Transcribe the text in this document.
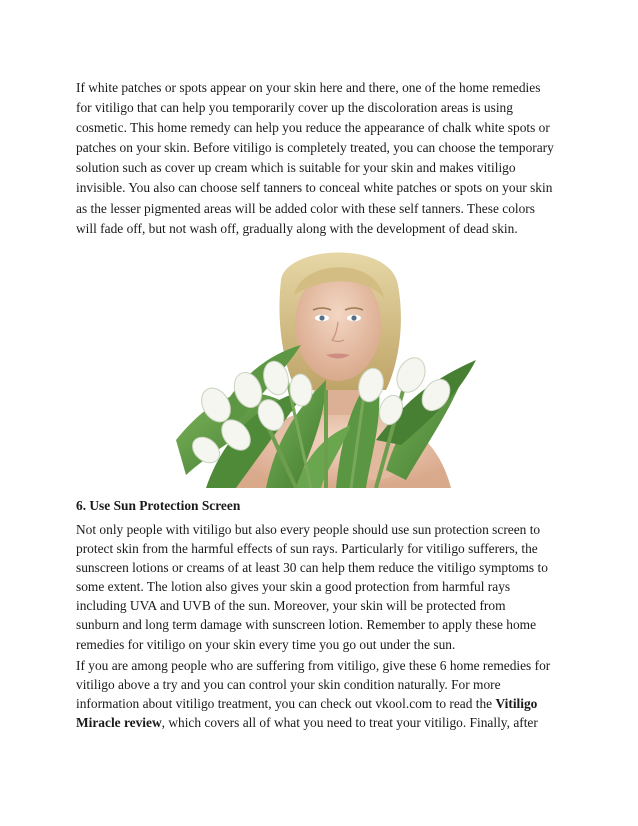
If white patches or spots appear on your skin here and there, one of the home remedies
for vitiligo that can help you temporarily cover up the discoloration areas is using
cosmetic. This home remedy can help you reduce the appearance of chalk white spots or
patches on your skin. Before vitiligo is completely treated, you can choose the temporary
solution such as cover up cream which is suitable for your skin and makes vitiligo
invisible. You also can choose self tanners to conceal white patches or spots on your skin
as the lesser pigmented areas will be added color with these self tanners. These colors
will fade off, but not wash off, gradually along with the development of dead skin.

6. Use Sun Protection Screen

Not only people with vitiligo but also every people should use sun protection screen to
protect skin from the harmful effects of sun rays. Particularly for vitiligo sufferers, the
sunscreen lotions or creams of at least 30 can help them reduce the vitiligo symptoms to
some extent. The lotion also gives your skin a good protection from harmful rays
including UVA and UVB of the sun. Moreover, your skin will be protected from
sunburn and long term damage with sunscreen lotion. Remember to apply these home
remedies for vitiligo on your skin every time you go out under the sun.

If you are among people who are suffering from vitiligo, give these 6 home remedies for
vitiligo above a try and you can control your skin condition naturally. For more
information about vitiligo treatment, you can check out vkool.com to read the Vitiligo
Miracle review, which covers all of what you need to treat your vitiligo. Finally, after
